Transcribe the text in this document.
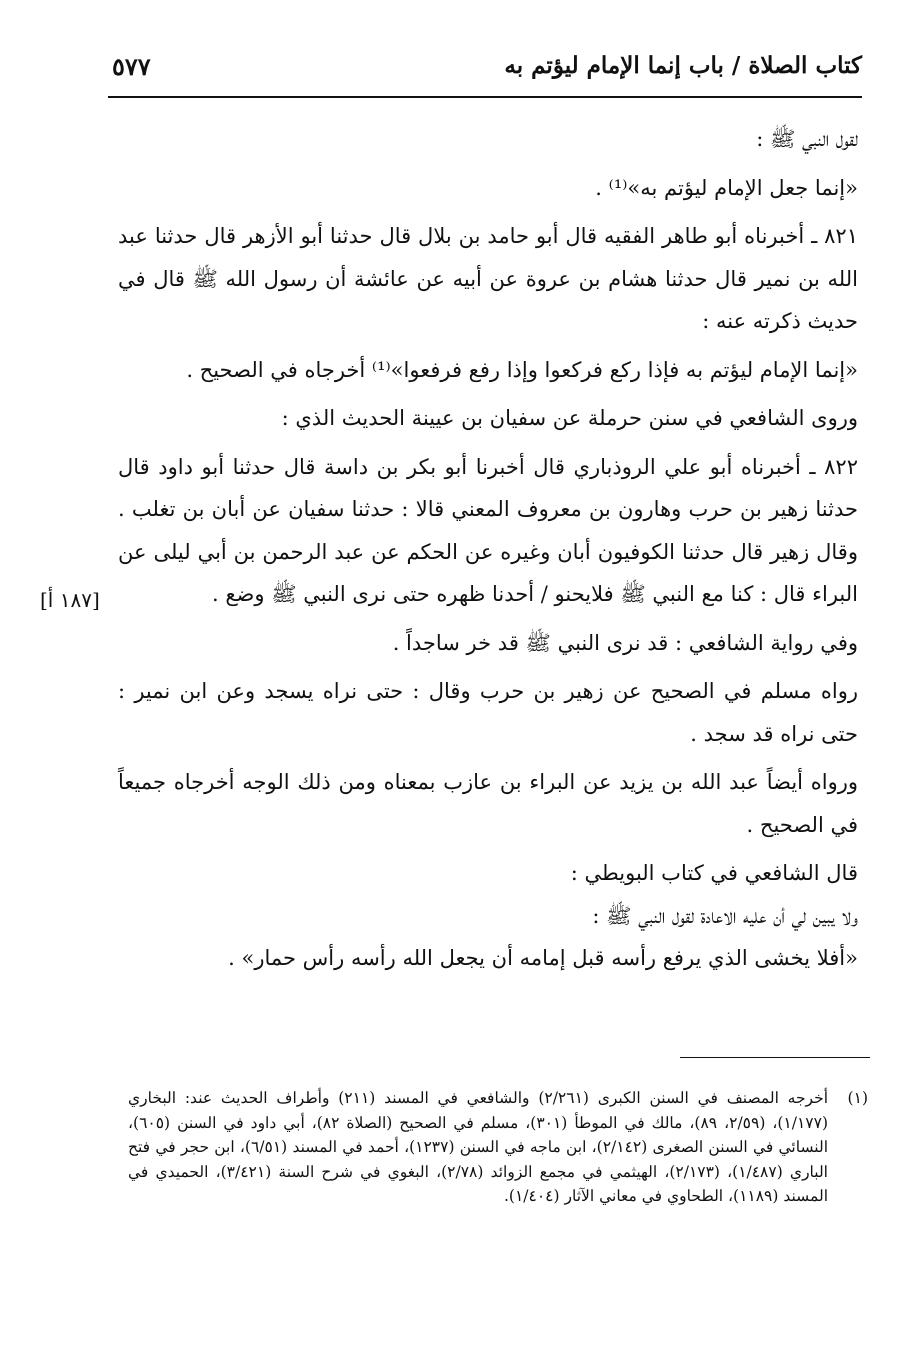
كتاب الصلاة / باب إنما الإمام ليؤتم به
٥٧٧

لقول النبي ﷺ :

«إنما جعل الإمام ليؤتم به»⁽¹⁾ .

٨٢١ ـ أخبرناه أبو طاهر الفقيه قال أبو حامد بن بلال قال حدثنا أبو الأزهر قال حدثنا عبد الله بن نمير قال حدثنا هشام بن عروة عن أبيه عن عائشة أن رسول الله ﷺ قال في حديث ذكرته عنه :

«إنما الإمام ليؤتم به فإذا ركع فركعوا وإذا رفع فرفعوا»⁽¹⁾ أخرجاه في الصحيح .

وروى الشافعي في سنن حرملة عن سفيان بن عيينة الحديث الذي :

٨٢٢ ـ أخبرناه أبو علي الروذباري قال أخبرنا أبو بكر بن داسة قال حدثنا أبو داود قال حدثنا زهير بن حرب وهارون بن معروف المعني قالا : حدثنا سفيان عن أبان بن تغلب . وقال زهير قال حدثنا الكوفيون أبان وغيره عن الحكم عن عبد الرحمن بن أبي ليلى عن البراء قال : كنا مع النبي ﷺ فلايحنو / أحدنا ظهره حتى نرى النبي ﷺ وضع .

وفي رواية الشافعي : قد نرى النبي ﷺ قد خر ساجداً .

رواه مسلم في الصحيح عن زهير بن حرب وقال : حتى نراه يسجد وعن ابن نمير : حتى نراه قد سجد .

ورواه أيضاً عبد الله بن يزيد عن البراء بن عازب بمعناه ومن ذلك الوجه أخرجاه جميعاً في الصحيح .

قال الشافعي في كتاب البويطي :

ولا يبين لي أن عليه الاعادة لقول النبي ﷺ :

«أفلا يخشى الذي يرفع رأسه قبل إمامه أن يجعل الله رأسه رأس حمار» .

[١٨٧ أ]
(١)
أخرجه المصنف في السنن الكبرى (٢/٢٦١) والشافعي في المسند (٢١١) وأطراف الحديث عند: البخاري (١/١٧٧)، (٢/٥٩، ٨٩)، مالك في الموطأ (٣٠١)، مسلم في الصحيح (الصلاة ٨٢)، أبي داود في السنن (٦٠٥)، النسائي في السنن الصغرى (٢/١٤٢)، ابن ماجه في السنن (١٢٣٧)، أحمد في المسند (٦/٥١)، ابن حجر في فتح الباري (١/٤٨٧)، (٢/١٧٣)، الهيثمي في مجمع الزوائد (٢/٧٨)، البغوي في شرح السنة (٣/٤٢١)، الحميدي في المسند (١١٨٩)، الطحاوي في معاني الآثار (١/٤٠٤).
